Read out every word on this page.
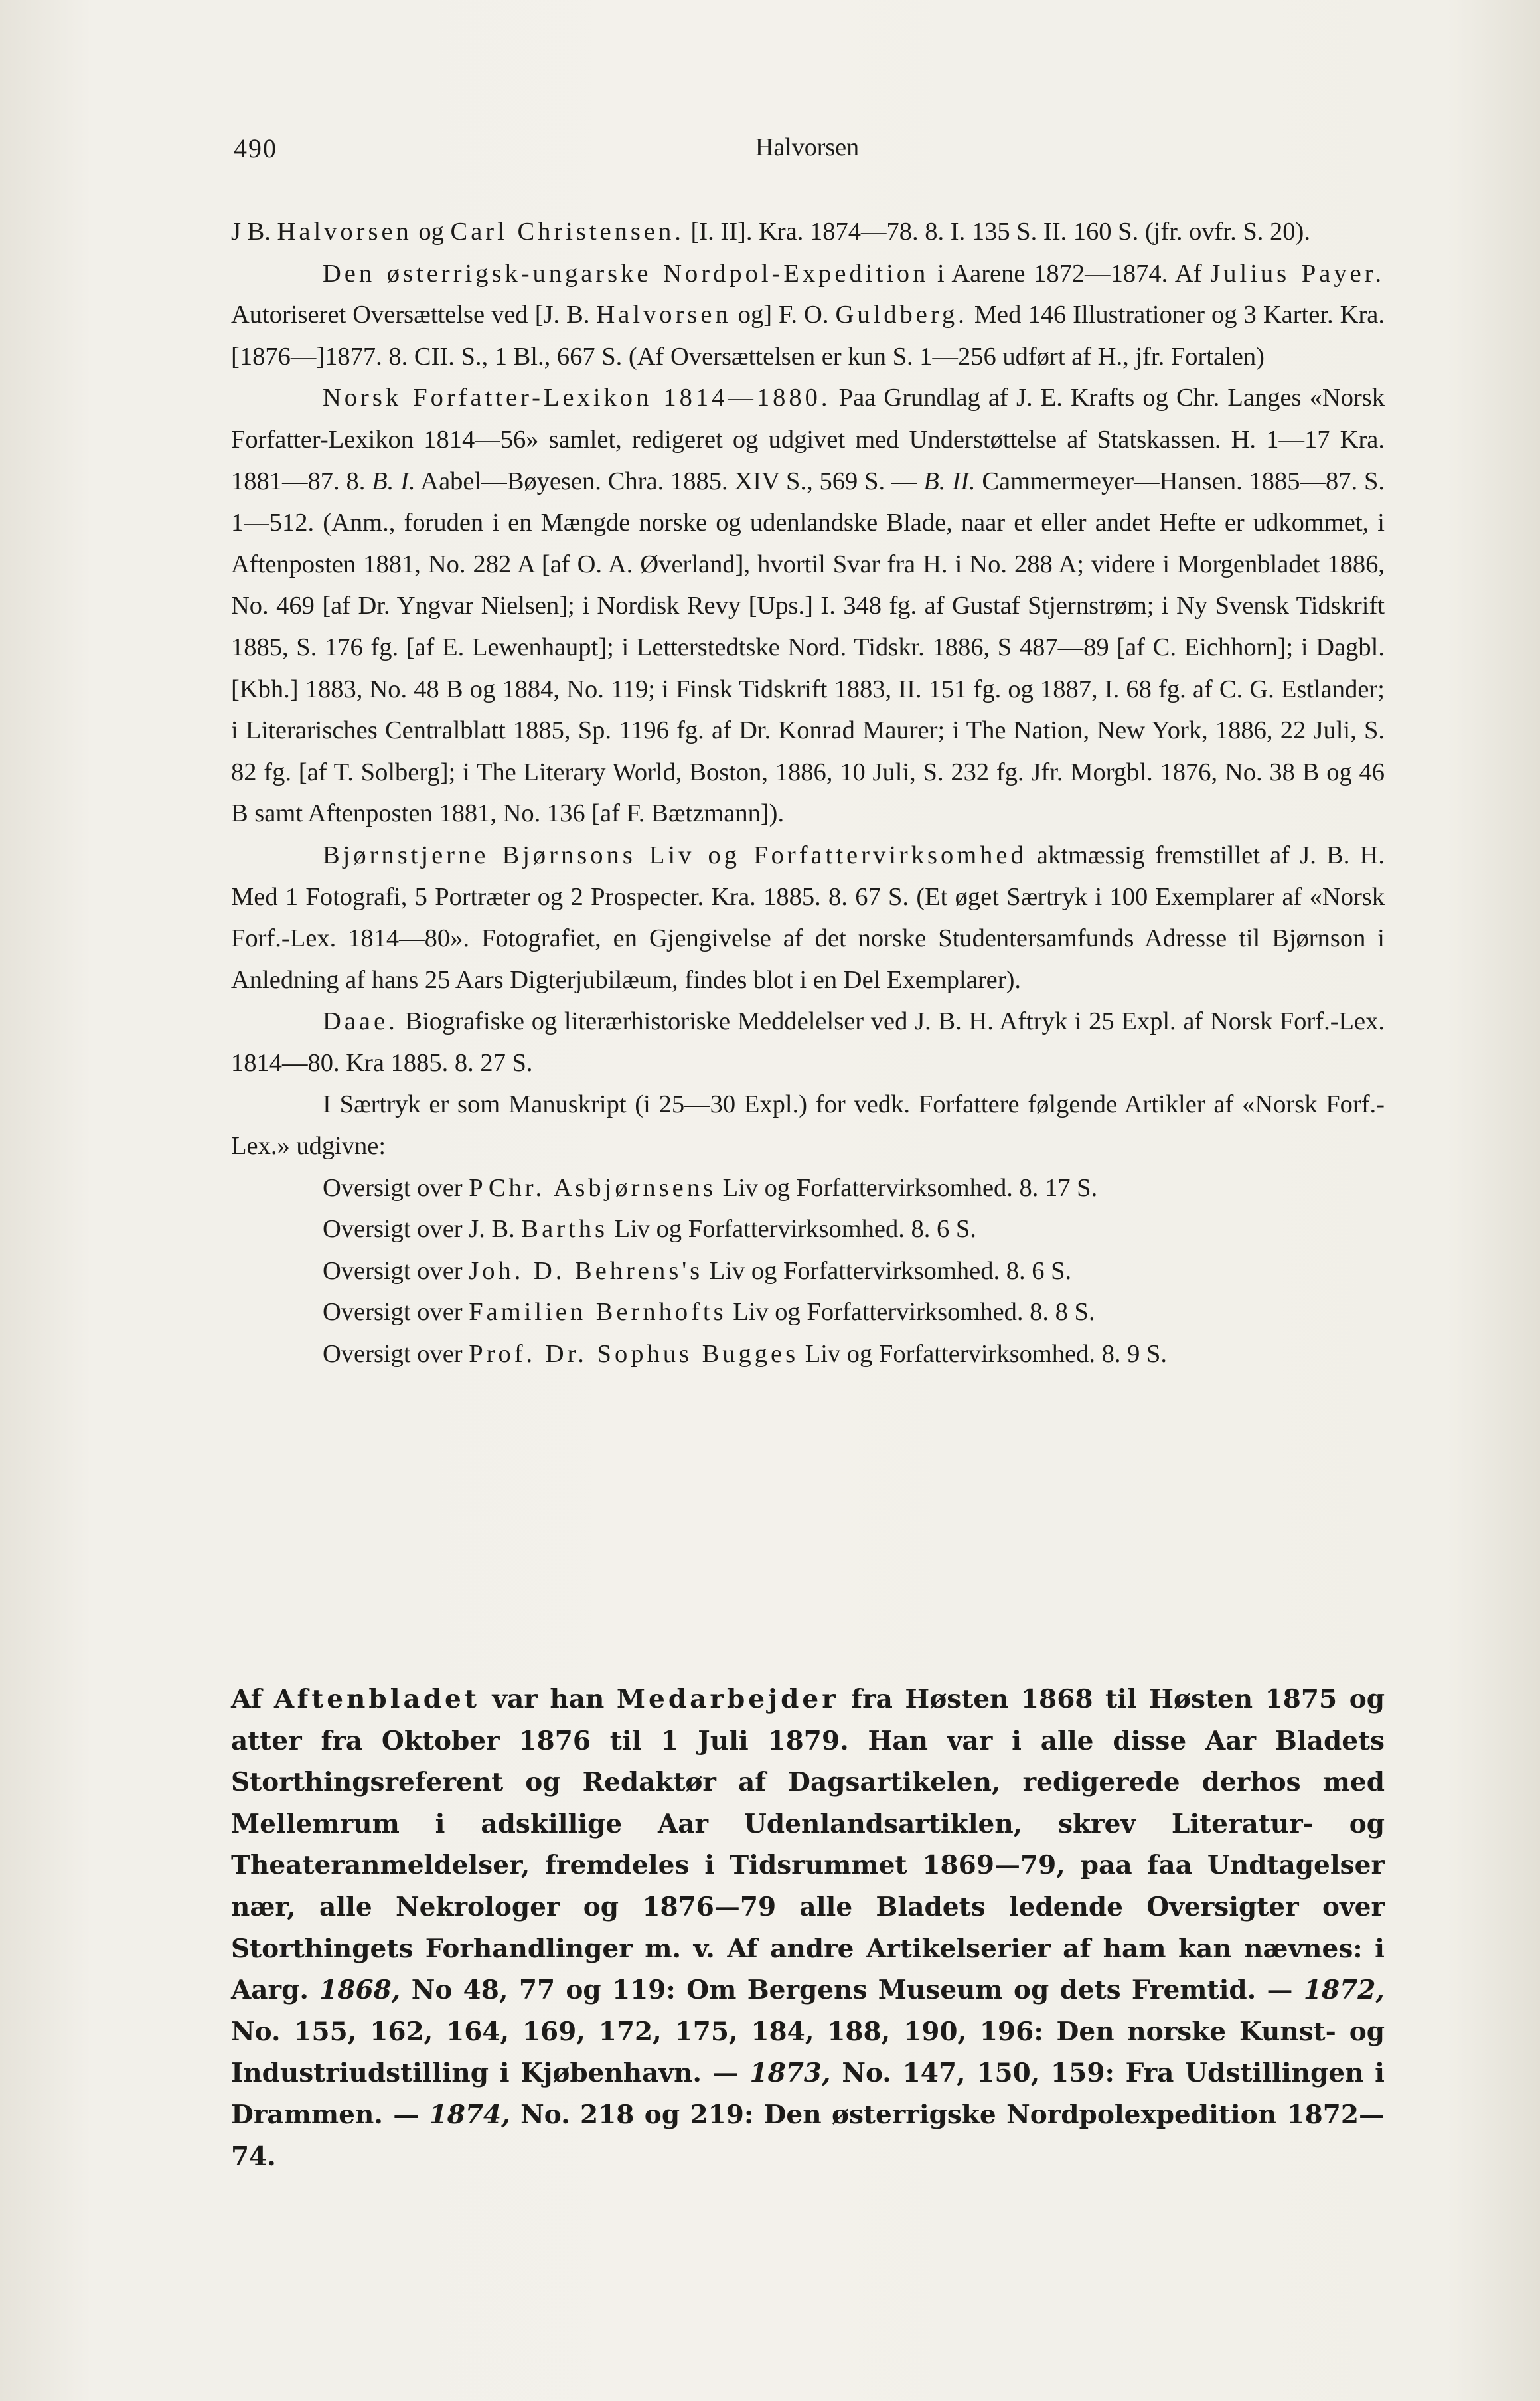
490	Halvorsen

J B. Halvorsen og Carl Christensen. [I. II]. Kra. 1874—78. 8. I. 135 S. II. 160 S. (jfr. ovfr. S. 20).

Den østerrigsk-ungarske Nordpol-Expedition i Aarene 1872—1874. Af Julius Payer. Autoriseret Oversættelse ved [J. B. Halvorsen og] F. O. Guldberg. Med 146 Illustrationer og 3 Karter. Kra. [1876—]1877. 8. CII. S., 1 Bl., 667 S. (Af Oversættelsen er kun S. 1—256 udført af H., jfr. Fortalen)

Norsk Forfatter-Lexikon 1814—1880. Paa Grundlag af J. E. Krafts og Chr. Langes «Norsk Forfatter-Lexikon 1814—56» samlet, redigeret og udgivet med Understøttelse af Statskassen. H. 1—17 Kra. 1881—87. 8. B. I. Aabel—Bøyesen. Chra. 1885. XIV S., 569 S. — B. II. Cammermeyer—Hansen. 1885—87. S. 1—512. (Anm., foruden i en Mængde norske og udenlandske Blade, naar et eller andet Hefte er udkommet, i Aftenposten 1881, No. 282 A [af O. A. Øverland], hvortil Svar fra H. i No. 288 A; videre i Morgenbladet 1886, No. 469 [af Dr. Yngvar Nielsen]; i Nordisk Revy [Ups.] I. 348 fg. af Gustaf Stjernstrøm; i Ny Svensk Tidskrift 1885, S. 176 fg. [af E. Lewenhaupt]; i Letterstedtske Nord. Tidskr. 1886, S 487—89 [af C. Eichhorn]; i Dagbl. [Kbh.] 1883, No. 48 B og 1884, No. 119; i Finsk Tidskrift 1883, II. 151 fg. og 1887, I. 68 fg. af C. G. Estlander; i Literarisches Centralblatt 1885, Sp. 1196 fg. af Dr. Konrad Maurer; i The Nation, New York, 1886, 22 Juli, S. 82 fg. [af T. Solberg]; i The Literary World, Boston, 1886, 10 Juli, S. 232 fg. Jfr. Morgbl. 1876, No. 38 B og 46 B samt Aftenposten 1881, No. 136 [af F. Bætzmann]).

Bjørnstjerne Bjørnsons Liv og Forfattervirksomhed aktmæssig fremstillet af J. B. H. Med 1 Fotografi, 5 Portræter og 2 Prospecter. Kra. 1885. 8. 67 S. (Et øget Særtryk i 100 Exemplarer af «Norsk Forf.-Lex. 1814—80». Fotografiet, en Gjengivelse af det norske Studentersamfunds Adresse til Bjørnson i Anledning af hans 25 Aars Digterjubilæum, findes blot i en Del Exemplarer).

Daae. Biografiske og literærhistoriske Meddelelser ved J. B. H. Aftryk i 25 Expl. af Norsk Forf.-Lex. 1814—80. Kra 1885. 8. 27 S.

I Særtryk er som Manuskript (i 25—30 Expl.) for vedk. Forfattere følgende Artikler af «Norsk Forf.-Lex.» udgivne:

Oversigt over P Chr. Asbjørnsens Liv og Forfattervirksomhed. 8. 17 S.

Oversigt over J. B. Barths Liv og Forfattervirksomhed. 8. 6 S.

Oversigt over Joh. D. Behrens's Liv og Forfattervirksomhed. 8. 6 S.

Oversigt over Familien Bernhofts Liv og Forfattervirksomhed. 8. 8 S.

Oversigt over Prof. Dr. Sophus Bugges Liv og Forfattervirksomhed. 8. 9 S.

Af Aftenbladet var han Medarbejder fra Høsten 1868 til Høsten 1875 og atter fra Oktober 1876 til 1 Juli 1879. Han var i alle disse Aar Bladets Storthingsreferent og Redaktør af Dagsartikelen, redigerede derhos med Mellemrum i adskillige Aar Udenlandsartiklen, skrev Literatur- og Theateranmeldelser, fremdeles i Tidsrummet 1869—79, paa faa Undtagelser nær, alle Nekrologer og 1876—79 alle Bladets ledende Oversigter over Storthingets Forhandlinger m. v. Af andre Artikelserier af ham kan nævnes: i Aarg. 1868, No 48, 77 og 119: Om Bergens Museum og dets Fremtid. — 1872, No. 155, 162, 164, 169, 172, 175, 184, 188, 190, 196: Den norske Kunst- og Industriudstilling i Kjøbenhavn. — 1873, No. 147, 150, 159: Fra Udstillingen i Drammen. — 1874, No. 218 og 219: Den østerrigske Nordpolexpedition 1872—74.
